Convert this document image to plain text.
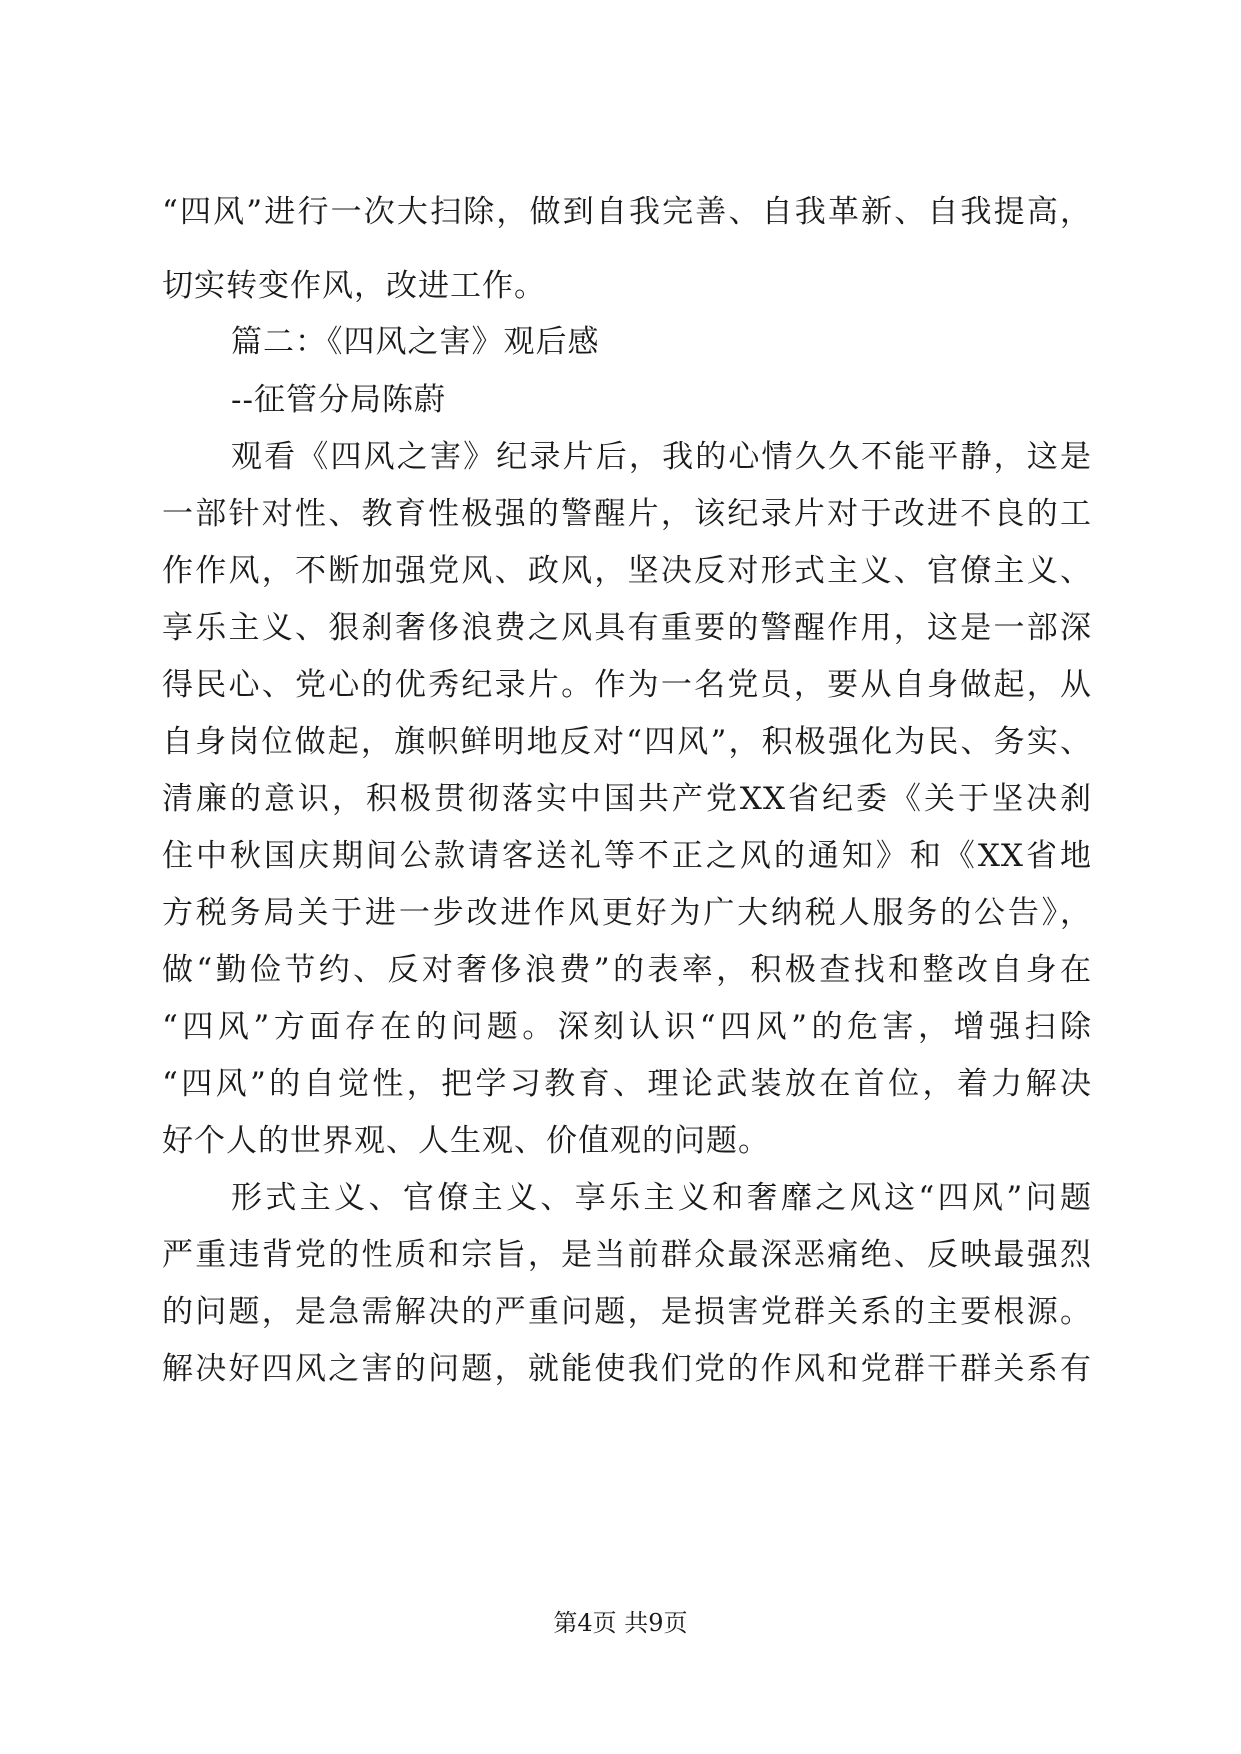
“四风”进行一次大扫除，做到自我完善、自我革新、自我提高，
切实转变作风，改进工作。
篇二：《四风之害》观后感
--征管分局陈蔚
观看《四风之害》纪录片后，我的心情久久不能平静，这是
一部针对性、教育性极强的警醒片，该纪录片对于改进不良的工
作作风，不断加强党风、政风，坚决反对形式主义、官僚主义、
享乐主义、狠刹奢侈浪费之风具有重要的警醒作用，这是一部深
得民心、党心的优秀纪录片。作为一名党员，要从自身做起，从
自身岗位做起，旗帜鲜明地反对“四风”，积极强化为民、务实、
清廉的意识，积极贯彻落实中国共产党XX省纪委《关于坚决刹
住中秋国庆期间公款请客送礼等不正之风的通知》和《XX省地
方税务局关于进一步改进作风更好为广大纳税人服务的公告》，
做“勤俭节约、反对奢侈浪费”的表率，积极查找和整改自身在
“四风”方面存在的问题。深刻认识“四风”的危害，增强扫除
“四风”的自觉性，把学习教育、理论武装放在首位，着力解决
好个人的世界观、人生观、价值观的问题。
形式主义、官僚主义、享乐主义和奢靡之风这“四风”问题
严重违背党的性质和宗旨，是当前群众最深恶痛绝、反映最强烈
的问题，是急需解决的严重问题，是损害党群关系的主要根源。
解决好四风之害的问题，就能使我们党的作风和党群干群关系有
第4页 共9页
